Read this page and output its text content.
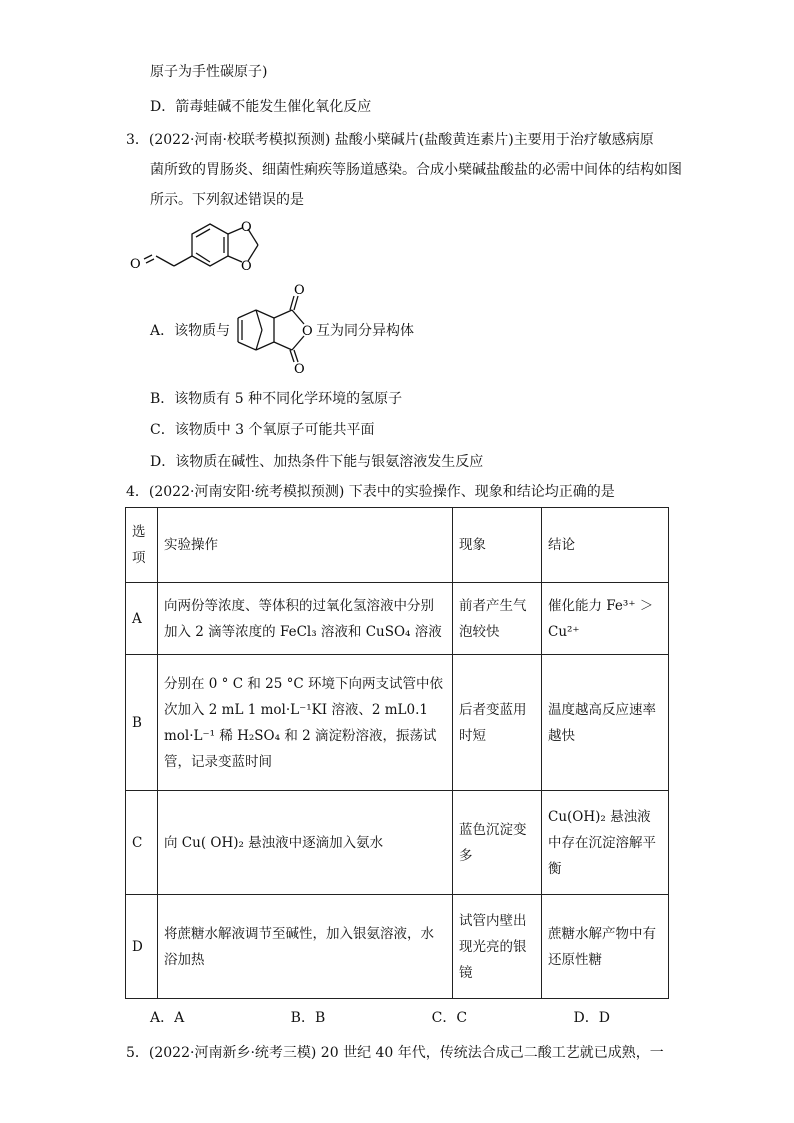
原子为手性碳原子)
D．箭毒蛙碱不能发生催化氧化反应
3．(2022·河南·校联考模拟预测) 盐酸小檗碱片(盐酸黄连素片)主要用于治疗敏感病原
菌所致的胃肠炎、细菌性痢疾等肠道感染。合成小檗碱盐酸盐的必需中间体的结构如图
所示。下列叙述错误的是
O
O
O
A．该物质与
O
O
O
互为同分异构体
B．该物质有 5 种不同化学环境的氢原子
C．该物质中 3 个氧原子可能共平面
D．该物质在碱性、加热条件下能与银氨溶液发生反应
4．(2022·河南安阳·统考模拟预测) 下表中的实验操作、现象和结论均正确的是
选项	实验操作	现象	结论
A	向两份等浓度、等体积的过氧化氢溶液中分别加入 2 滴等浓度的 FeCl₃ 溶液和 CuSO₄ 溶液	前者产生气泡较快	催化能力 Fe³⁺ ＞ Cu²⁺
B	分别在 0 ° C 和 25 °C 环境下向两支试管中依次加入 2 mL 1 mol·L⁻¹KI 溶液、2 mL0.1 mol·L⁻¹ 稀 H₂SO₄ 和 2 滴淀粉溶液，振荡试管，记录变蓝时间	后者变蓝用时短	温度越高反应速率越快
C	向 Cu( OH)₂ 悬浊液中逐滴加入氨水	蓝色沉淀变多	Cu(OH)₂ 悬浊液中存在沉淀溶解平衡
D	将蔗糖水解液调节至碱性，加入银氨溶液，水浴加热	试管内壁出现光亮的银镜	蔗糖水解产物中有还原性糖
A．A	B．B	C．C	D．D
5．(2022·河南新乡·统考三模) 20 世纪 40 年代，传统法合成己二酸工艺就已成熟，一
